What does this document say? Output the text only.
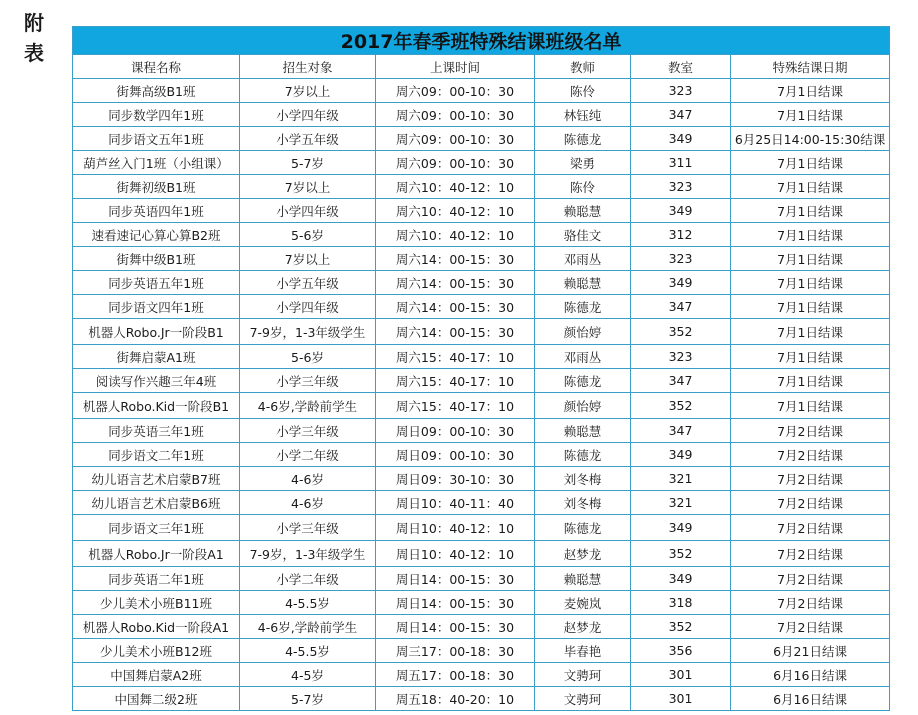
附表	2017年春季班特殊结课班级名单					
课程名称	招生对象	上课时间	教师	教室	特殊结课日期
街舞高级B1班	7岁以上	周六09：00-10：30	陈伶	323	7月1日结课
同步数学四年1班	小学四年级	周六09：00-10：30	林钰纯	347	7月1日结课
同步语文五年1班	小学五年级	周六09：00-10：30	陈德龙	349	6月25日14:00-15:30结课
葫芦丝入门1班（小组课）	5-7岁	周六09：00-10：30	梁勇	311	7月1日结课
街舞初级B1班	7岁以上	周六10：40-12：10	陈伶	323	7月1日结课
同步英语四年1班	小学四年级	周六10：40-12：10	赖聪慧	349	7月1日结课
速看速记心算心算B2班	5-6岁	周六10：40-12：10	骆佳文	312	7月1日结课
街舞中级B1班	7岁以上	周六14：00-15：30	邓雨丛	323	7月1日结课
同步英语五年1班	小学五年级	周六14：00-15：30	赖聪慧	349	7月1日结课
同步语文四年1班	小学四年级	周六14：00-15：30	陈德龙	347	7月1日结课
机器人Robo.Jr一阶段B1	7-9岁，1-3年级学生	周六14：00-15：30	颜怡婷	352	7月1日结课
街舞启蒙A1班	5-6岁	周六15：40-17：10	邓雨丛	323	7月1日结课
阅读写作兴趣三年4班	小学三年级	周六15：40-17：10	陈德龙	347	7月1日结课
机器人Robo.Kid一阶段B1	4-6岁,学龄前学生	周六15：40-17：10	颜怡婷	352	7月1日结课
同步英语三年1班	小学三年级	周日09：00-10：30	赖聪慧	347	7月2日结课
同步语文二年1班	小学二年级	周日09：00-10：30	陈德龙	349	7月2日结课
幼儿语言艺术启蒙B7班	4-6岁	周日09：30-10：30	刘冬梅	321	7月2日结课
幼儿语言艺术启蒙B6班	4-6岁	周日10：40-11：40	刘冬梅	321	7月2日结课
同步语文三年1班	小学三年级	周日10：40-12：10	陈德龙	349	7月2日结课
机器人Robo.Jr一阶段A1	7-9岁，1-3年级学生	周日10：40-12：10	赵梦龙	352	7月2日结课
同步英语二年1班	小学二年级	周日14：00-15：30	赖聪慧	349	7月2日结课
少儿美术小班B11班	4-5.5岁	周日14：00-15：30	麦婉岚	318	7月2日结课
机器人Robo.Kid一阶段A1	4-6岁,学龄前学生	周日14：00-15：30	赵梦龙	352	7月2日结课
少儿美术小班B12班	4-5.5岁	周三17：00-18：30	毕春艳	356	6月21日结课
中国舞启蒙A2班	4-5岁	周五17：00-18：30	文骋珂	301	6月16日结课
中国舞二级2班	5-7岁	周五18：40-20：10	文骋珂	301	6月16日结课
